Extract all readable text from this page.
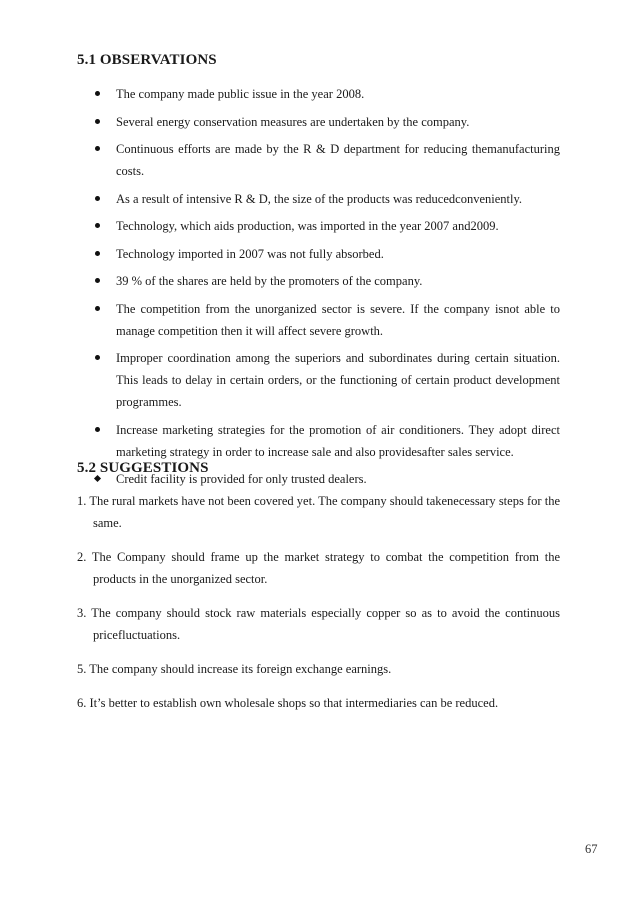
5.1 OBSERVATIONS
The company made public issue in the year 2008.
Several energy conservation measures are undertaken by the company.
Continuous efforts are made by the R & D department for reducing themanufacturing costs.
As a result of intensive R & D, the size of the products was reducedconveniently.
Technology, which aids production, was imported in the year 2007 and2009.
Technology imported in 2007 was not fully absorbed.
39 % of the shares are held by the promoters of the company.
The competition from the unorganized sector is severe. If the company isnot able to manage competition then it will affect severe growth.
Improper coordination among the superiors and subordinates during certain situation. This leads to delay in certain orders, or the functioning of certain product development programmes.
Increase marketing strategies for the promotion of air conditioners. They adopt direct marketing strategy in order to increase sale and also providesafter sales service.
Credit facility is provided for only trusted dealers.
5.2 SUGGESTIONS
1. The rural markets have not been covered yet. The company should takenecessary steps for the same.
2. The Company should frame up the market strategy to combat the competition from the products in the unorganized sector.
3. The company should stock raw materials especially copper so as to avoid the continuous pricefluctuations.
5. The company should increase its foreign exchange earnings.
6. It’s better to establish own wholesale shops so that intermediaries can be reduced.
67
